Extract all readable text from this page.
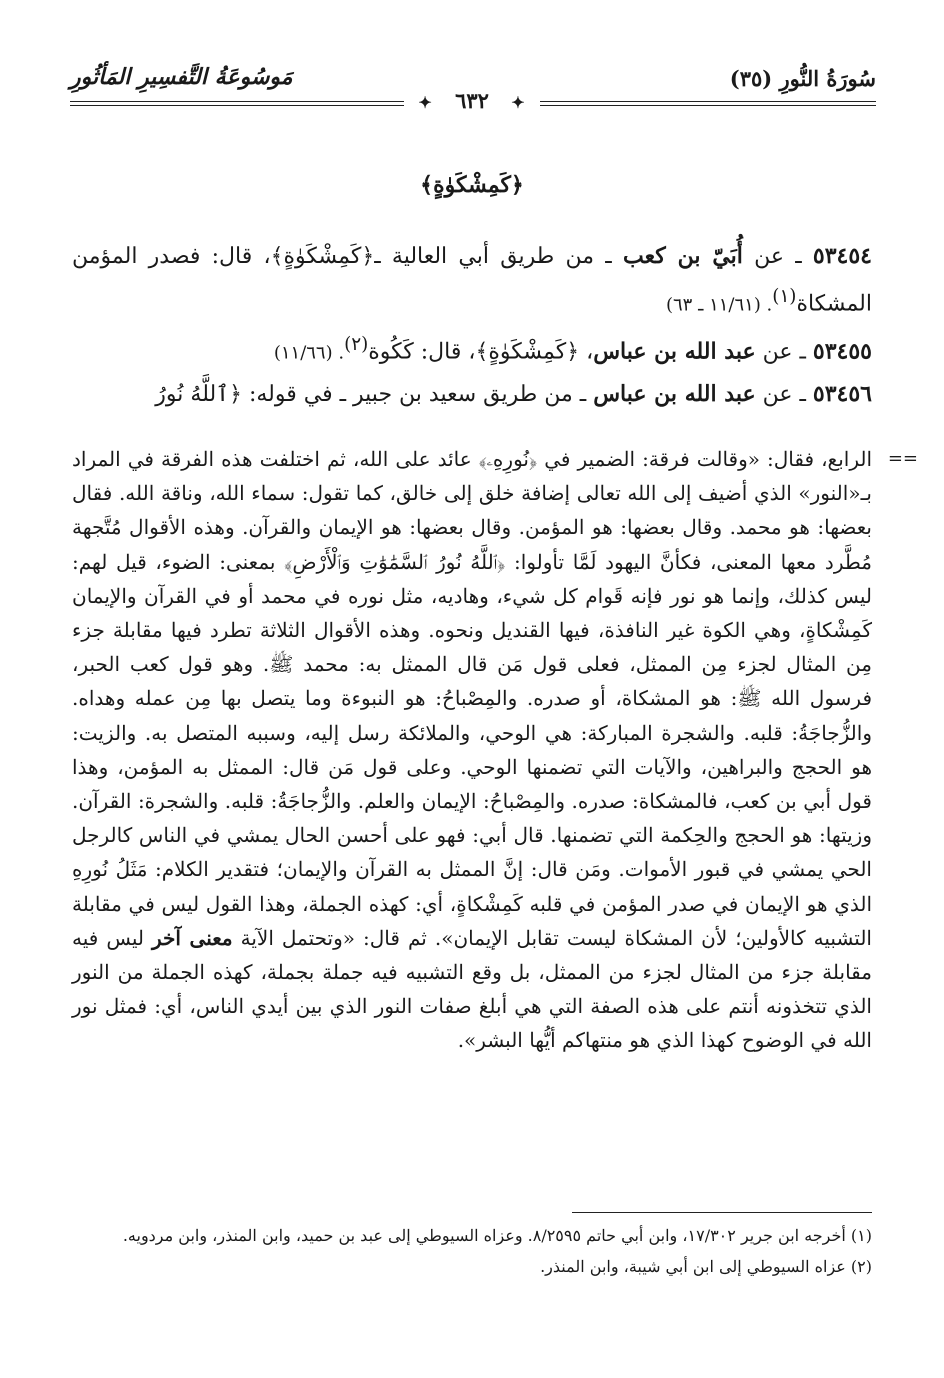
سُورَةُ النُّورِ (٣٥)
مَوسُوعَةُ التَّفسِيرِ المَأثُورِ
✦ ٦٣٢ ✦
﴿كَمِشْكَوٰةٍ﴾

٥٣٤٥٤ ـ عن أُبَيّ بن كعب ـ من طريق أبي العالية ـ﴿كَمِشْكَوٰةٍ﴾، قال: فصدر المؤمن المشكاة$^{(١)}$. (١١/٦١ ـ ٦٣)

٥٣٤٥٥ ـ عن عبد الله بن عباس، ﴿كَمِشْكَوٰةٍ﴾، قال: كَكُوة$^{(٢)}$. (١١/٦٦)

٥٣٤٥٦ ـ عن عبد الله بن عباس ـ من طريق سعيد بن جبير ـ في قوله: ﴿ٱللَّهُ نُورُ

==
الرابع، فقال: «وقالت فرقة: الضمير في ﴿نُورِهِۦ﴾ عائد على الله، ثم اختلفت هذه الفرقة في المراد بـ«النور» الذي أضيف إلى الله تعالى إضافة خلق إلى خالق، كما تقول: سماء الله، وناقة الله. فقال بعضها: هو محمد. وقال بعضها: هو المؤمن. وقال بعضها: هو الإيمان والقرآن. وهذه الأقوال مُتَّجهة مُطَّرد معها المعنى، فكأنَّ اليهود لَمَّا تأولوا: ﴿ٱللَّهُ نُورُ ٱلسَّمَٰوَٰتِ وَٱلْأَرْضِ﴾ بمعنى: الضوء، قيل لهم: ليس كذلك، وإنما هو نور فإنه قَوام كل شيء، وهاديه، مثل نوره في محمد أو في القرآن والإيمان كَمِشْكاةٍ، وهي الكوة غير النافذة، فيها القنديل ونحوه. وهذه الأقوال الثلاثة تطرد فيها مقابلة جزء مِن المثال لجزء مِن الممثل، فعلى قول مَن قال الممثل به: محمد ﷺ. وهو قول كعب الحبر، فرسول الله ﷺ: هو المشكاة، أو صدره. والمِصْباحُ: هو النبوءة وما يتصل بها مِن عمله وهداه. والزُّجاجَةُ: قلبه. والشجرة المباركة: هي الوحي، والملائكة رسل إليه، وسببه المتصل به. والزيت: هو الحجج والبراهين، والآيات التي تضمنها الوحي. وعلى قول مَن قال: الممثل به المؤمن، وهذا قول أبي بن كعب، فالمشكاة: صدره. والمِصْباحُ: الإيمان والعلم. والزُّجاجَةُ: قلبه. والشجرة: القرآن. وزيتها: هو الحجج والحِكمة التي تضمنها. قال أبي: فهو على أحسن الحال يمشي في الناس كالرجل الحي يمشي في قبور الأموات. ومَن قال: إنَّ الممثل به القرآن والإيمان؛ فتقدير الكلام: مَثَلُ نُورِهِ الذي هو الإيمان في صدر المؤمن في قلبه كَمِشْكاةٍ، أي: كهذه الجملة، وهذا القول ليس في مقابلة التشبيه كالأولين؛ لأن المشكاة ليست تقابل الإيمان». ثم قال: «وتحتمل الآية معنى آخر ليس فيه مقابلة جزء من المثال لجزء من الممثل، بل وقع التشبيه فيه جملة بجملة، كهذه الجملة من النور الذي تتخذونه أنتم على هذه الصفة التي هي أبلغ صفات النور الذي بين أيدي الناس، أي: فمثل نور الله في الوضوح كهذا الذي هو منتهاكم أيُّها البشر».

(١) أخرجه ابن جرير ١٧/٣٠٢، وابن أبي حاتم ٨/٢٥٩٥. وعزاه السيوطي إلى عبد بن حميد، وابن المنذر، وابن مردويه.

(٢) عزاه السيوطي إلى ابن أبي شيبة، وابن المنذر.
